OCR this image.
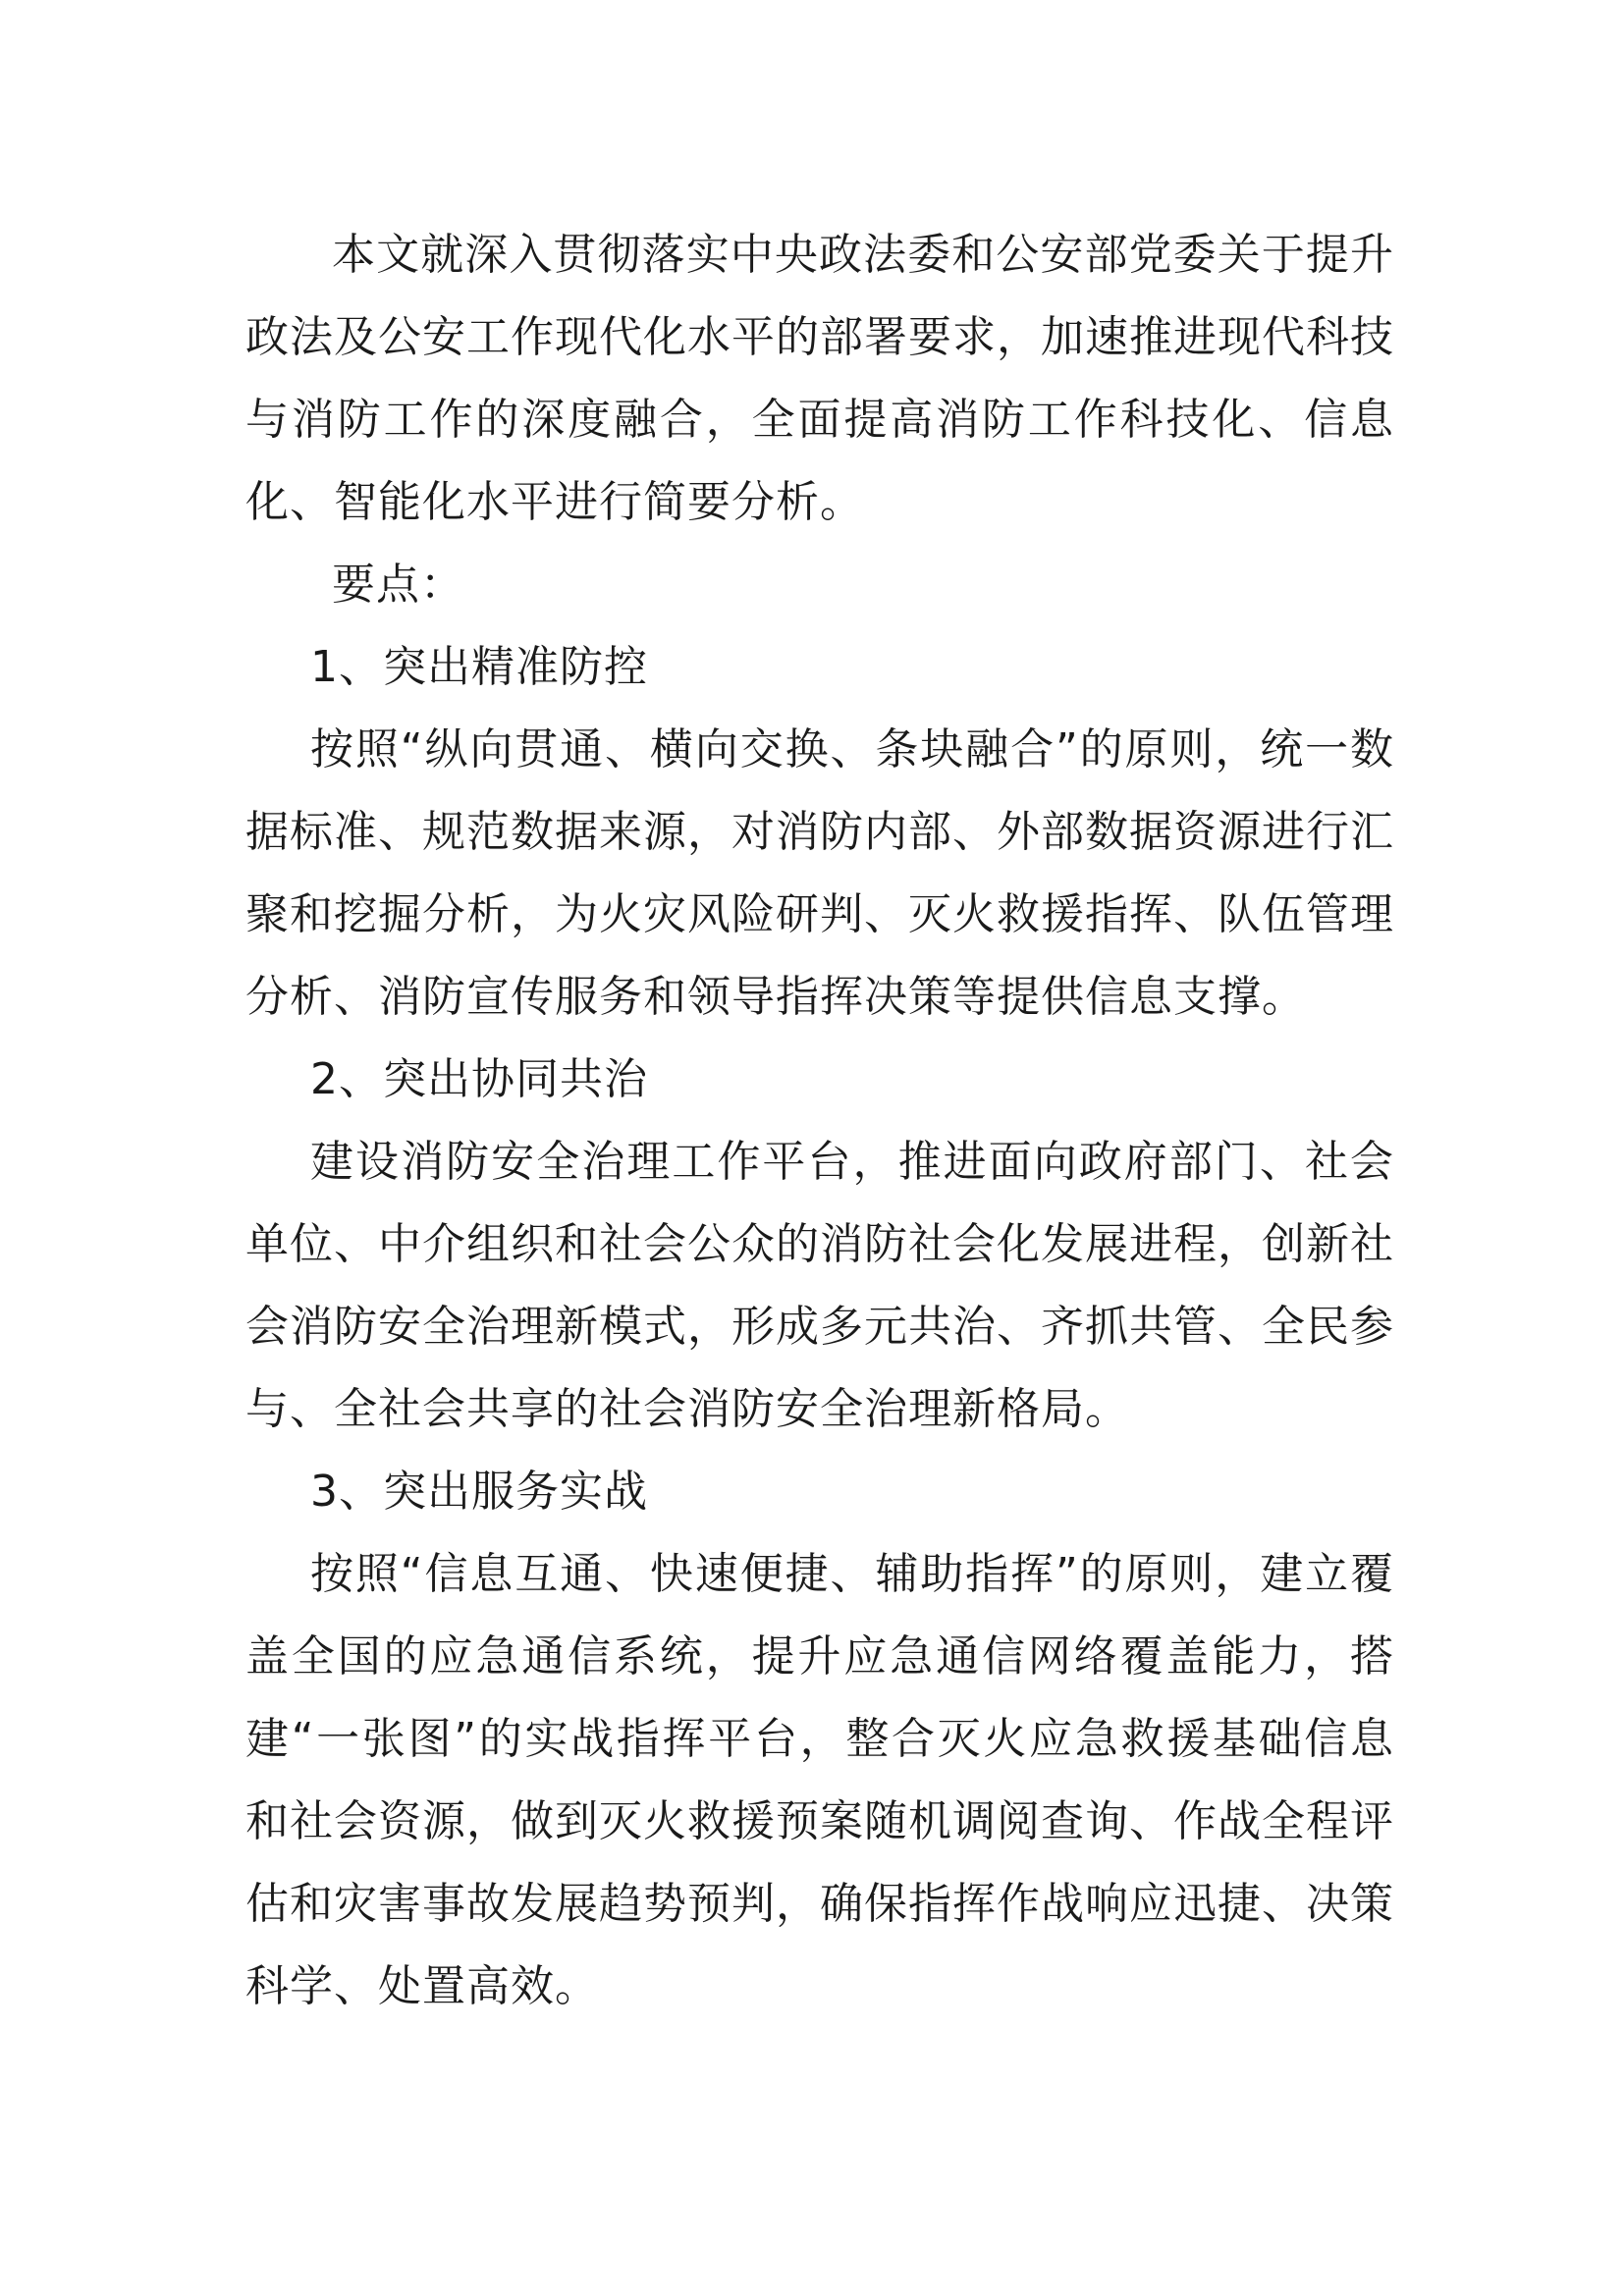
本文就深入贯彻落实中央政法委和公安部党委关于提升政法及公安工作现代化水平的部署要求，加速推进现代科技与消防工作的深度融合，全面提高消防工作科技化、信息化、智能化水平进行简要分析。

要点：

1、突出精准防控

按照“纵向贯通、横向交换、条块融合”的原则，统一数据标准、规范数据来源，对消防内部、外部数据资源进行汇聚和挖掘分析，为火灾风险研判、灭火救援指挥、队伍管理分析、消防宣传服务和领导指挥决策等提供信息支撑。

2、突出协同共治

建设消防安全治理工作平台，推进面向政府部门、社会单位、中介组织和社会公众的消防社会化发展进程，创新社会消防安全治理新模式，形成多元共治、齐抓共管、全民参与、全社会共享的社会消防安全治理新格局。

3、突出服务实战

按照“信息互通、快速便捷、辅助指挥”的原则，建立覆盖全国的应急通信系统，提升应急通信网络覆盖能力，搭建“一张图”的实战指挥平台，整合灭火应急救援基础信息和社会资源，做到灭火救援预案随机调阅查询、作战全程评估和灾害事故发展趋势预判，确保指挥作战响应迅捷、决策科学、处置高效。
